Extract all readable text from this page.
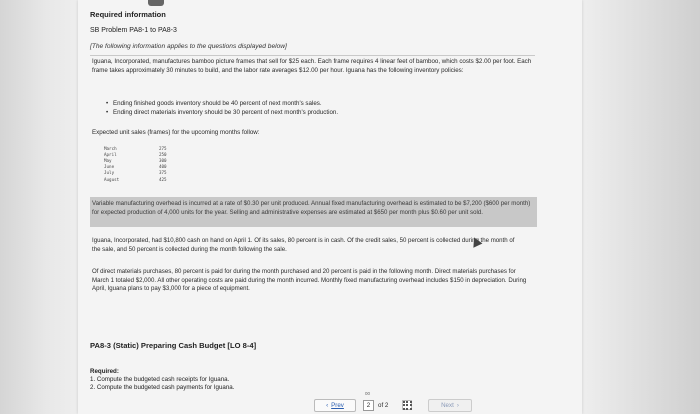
Required information
SB Problem PA8-1 to PA8-3
[The following information applies to the questions displayed below]
Iguana, Incorporated, manufactures bamboo picture frames that sell for $25 each. Each frame requires 4 linear feet of bamboo, which costs $2.00 per foot. Each frame takes approximately 30 minutes to build, and the labor rate averages $12.00 per hour. Iguana has the following inventory policies:
• Ending finished goods inventory should be 40 percent of next month's sales.
• Ending direct materials inventory should be 30 percent of next month's production.
Expected unit sales (frames) for the upcoming months follow:
March	275
April	250
May	300
June	400
July	375
August	425
Variable manufacturing overhead is incurred at a rate of $0.30 per unit produced. Annual fixed manufacturing overhead is estimated to be $7,200 ($600 per month) for expected production of 4,000 units for the year. Selling and administrative expenses are estimated at $650 per month plus $0.60 per unit sold.
Iguana, Incorporated, had $10,800 cash on hand on April 1. Of its sales, 80 percent is in cash. Of the credit sales, 50 percent is collected during the month of the sale, and 50 percent is collected during the month following the sale.
Of direct materials purchases, 80 percent is paid for during the month purchased and 20 percent is paid in the following month. Direct materials purchases for March 1 totaled $2,000. All other operating costs are paid during the month incurred. Monthly fixed manufacturing overhead includes $150 in depreciation. During April, Iguana plans to pay $3,000 for a piece of equipment.
PA8-3 (Static) Preparing Cash Budget [LO 8-4]
Required:
1. Compute the budgeted cash receipts for Iguana.
2. Compute the budgeted cash payments for Iguana.
‹ Prev
00
2	of 2	Next ›
